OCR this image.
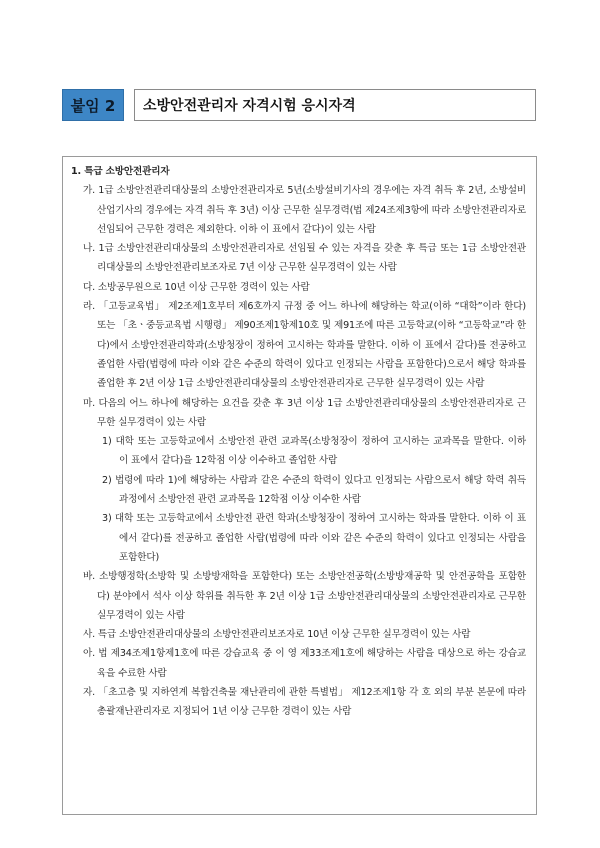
붙임 2	소방안전관리자 자격시험 응시자격
1. 특급 소방안전관리자
가. 1급 소방안전관리대상물의 소방안전관리자로 5년(소방설비기사의 경우에는 자격 취득 후 2년, 소방설비산업기사의 경우에는 자격 취득 후 3년) 이상 근무한 실무경력(법 제24조제3항에 따라 소방안전관리자로 선임되어 근무한 경력은 제외한다. 이하 이 표에서 같다)이 있는 사람
나. 1급 소방안전관리대상물의 소방안전관리자로 선임될 수 있는 자격을 갖춘 후 특급 또는 1급 소방안전관리대상물의 소방안전관리보조자로 7년 이상 근무한 실무경력이 있는 사람
다. 소방공무원으로 10년 이상 근무한 경력이 있는 사람
라. 「고등교육법」 제2조제1호부터 제6호까지 규정 중 어느 하나에 해당하는 학교(이하 “대학”이라 한다) 또는 「초ㆍ중등교육법 시행령」 제90조제1항제10호 및 제91조에 따른 고등학교(이하 “고등학교”라 한다)에서 소방안전관리학과(소방청장이 정하여 고시하는 학과를 말한다. 이하 이 표에서 같다)를 전공하고 졸업한 사람(법령에 따라 이와 같은 수준의 학력이 있다고 인정되는 사람을 포함한다)으로서 해당 학과를 졸업한 후 2년 이상 1급 소방안전관리대상물의 소방안전관리자로 근무한 실무경력이 있는 사람
마. 다음의 어느 하나에 해당하는 요건을 갖춘 후 3년 이상 1급 소방안전관리대상물의 소방안전관리자로 근무한 실무경력이 있는 사람
1) 대학 또는 고등학교에서 소방안전 관련 교과목(소방청장이 정하여 고시하는 교과목을 말한다. 이하 이 표에서 같다)을 12학점 이상 이수하고 졸업한 사람
2) 법령에 따라 1)에 해당하는 사람과 같은 수준의 학력이 있다고 인정되는 사람으로서 해당 학력 취득 과정에서 소방안전 관련 교과목을 12학점 이상 이수한 사람
3) 대학 또는 고등학교에서 소방안전 관련 학과(소방청장이 정하여 고시하는 학과를 말한다. 이하 이 표에서 같다)를 전공하고 졸업한 사람(법령에 따라 이와 같은 수준의 학력이 있다고 인정되는 사람을 포함한다)
바. 소방행정학(소방학 및 소방방재학을 포함한다) 또는 소방안전공학(소방방재공학 및 안전공학을 포함한다) 분야에서 석사 이상 학위를 취득한 후 2년 이상 1급 소방안전관리대상물의 소방안전관리자로 근무한 실무경력이 있는 사람
사. 특급 소방안전관리대상물의 소방안전관리보조자로 10년 이상 근무한 실무경력이 있는 사람
아. 법 제34조제1항제1호에 따른 강습교육 중 이 영 제33조제1호에 해당하는 사람을 대상으로 하는 강습교육을 수료한 사람
자. 「초고층 및 지하연계 복합건축물 재난관리에 관한 특별법」 제12조제1항 각 호 외의 부분 본문에 따라 총괄재난관리자로 지정되어 1년 이상 근무한 경력이 있는 사람
